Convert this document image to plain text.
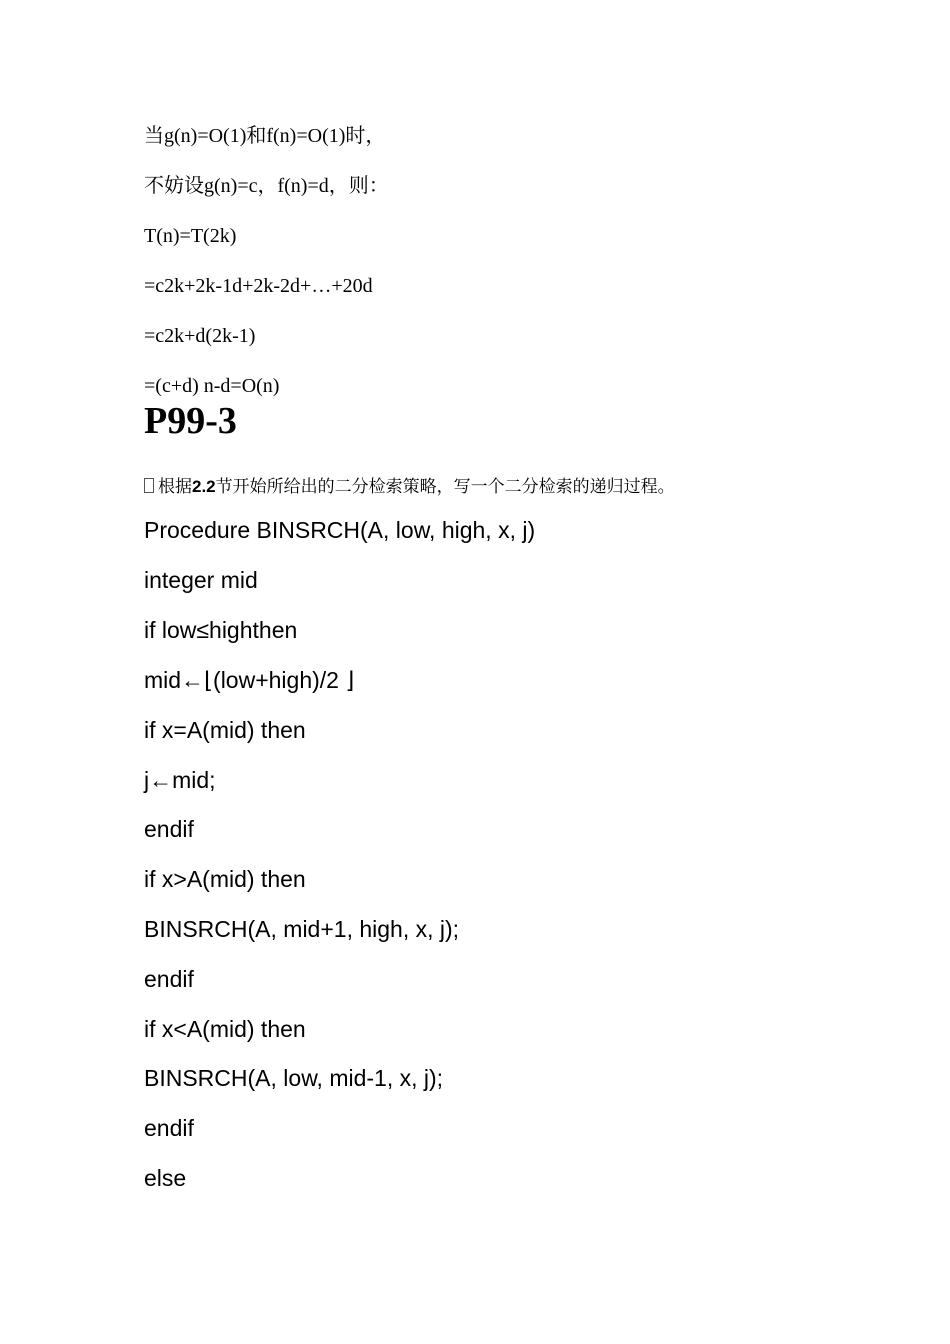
当g(n)=O(1)和f(n)=O(1)时，
不妨设g(n)=c，f(n)=d，则：
T(n)=T(2k)
=c2k+2k-1d+2k-2d+…+20d
=c2k+d(2k-1)
=(c+d) n-d=O(n)
P99-3
根据2.2节开始所给出的二分检索策略，写一个二分检索的递归过程。
Procedure BINSRCH(A, low, high, x, j)
integer mid
if low≤highthen
mid←⌊(low+high)/2 ⌋
if x=A(mid) then
j←mid;
endif
if x>A(mid) then
BINSRCH(A, mid+1, high, x, j);
endif
if x<A(mid) then
BINSRCH(A, low, mid-1, x, j);
endif
else
